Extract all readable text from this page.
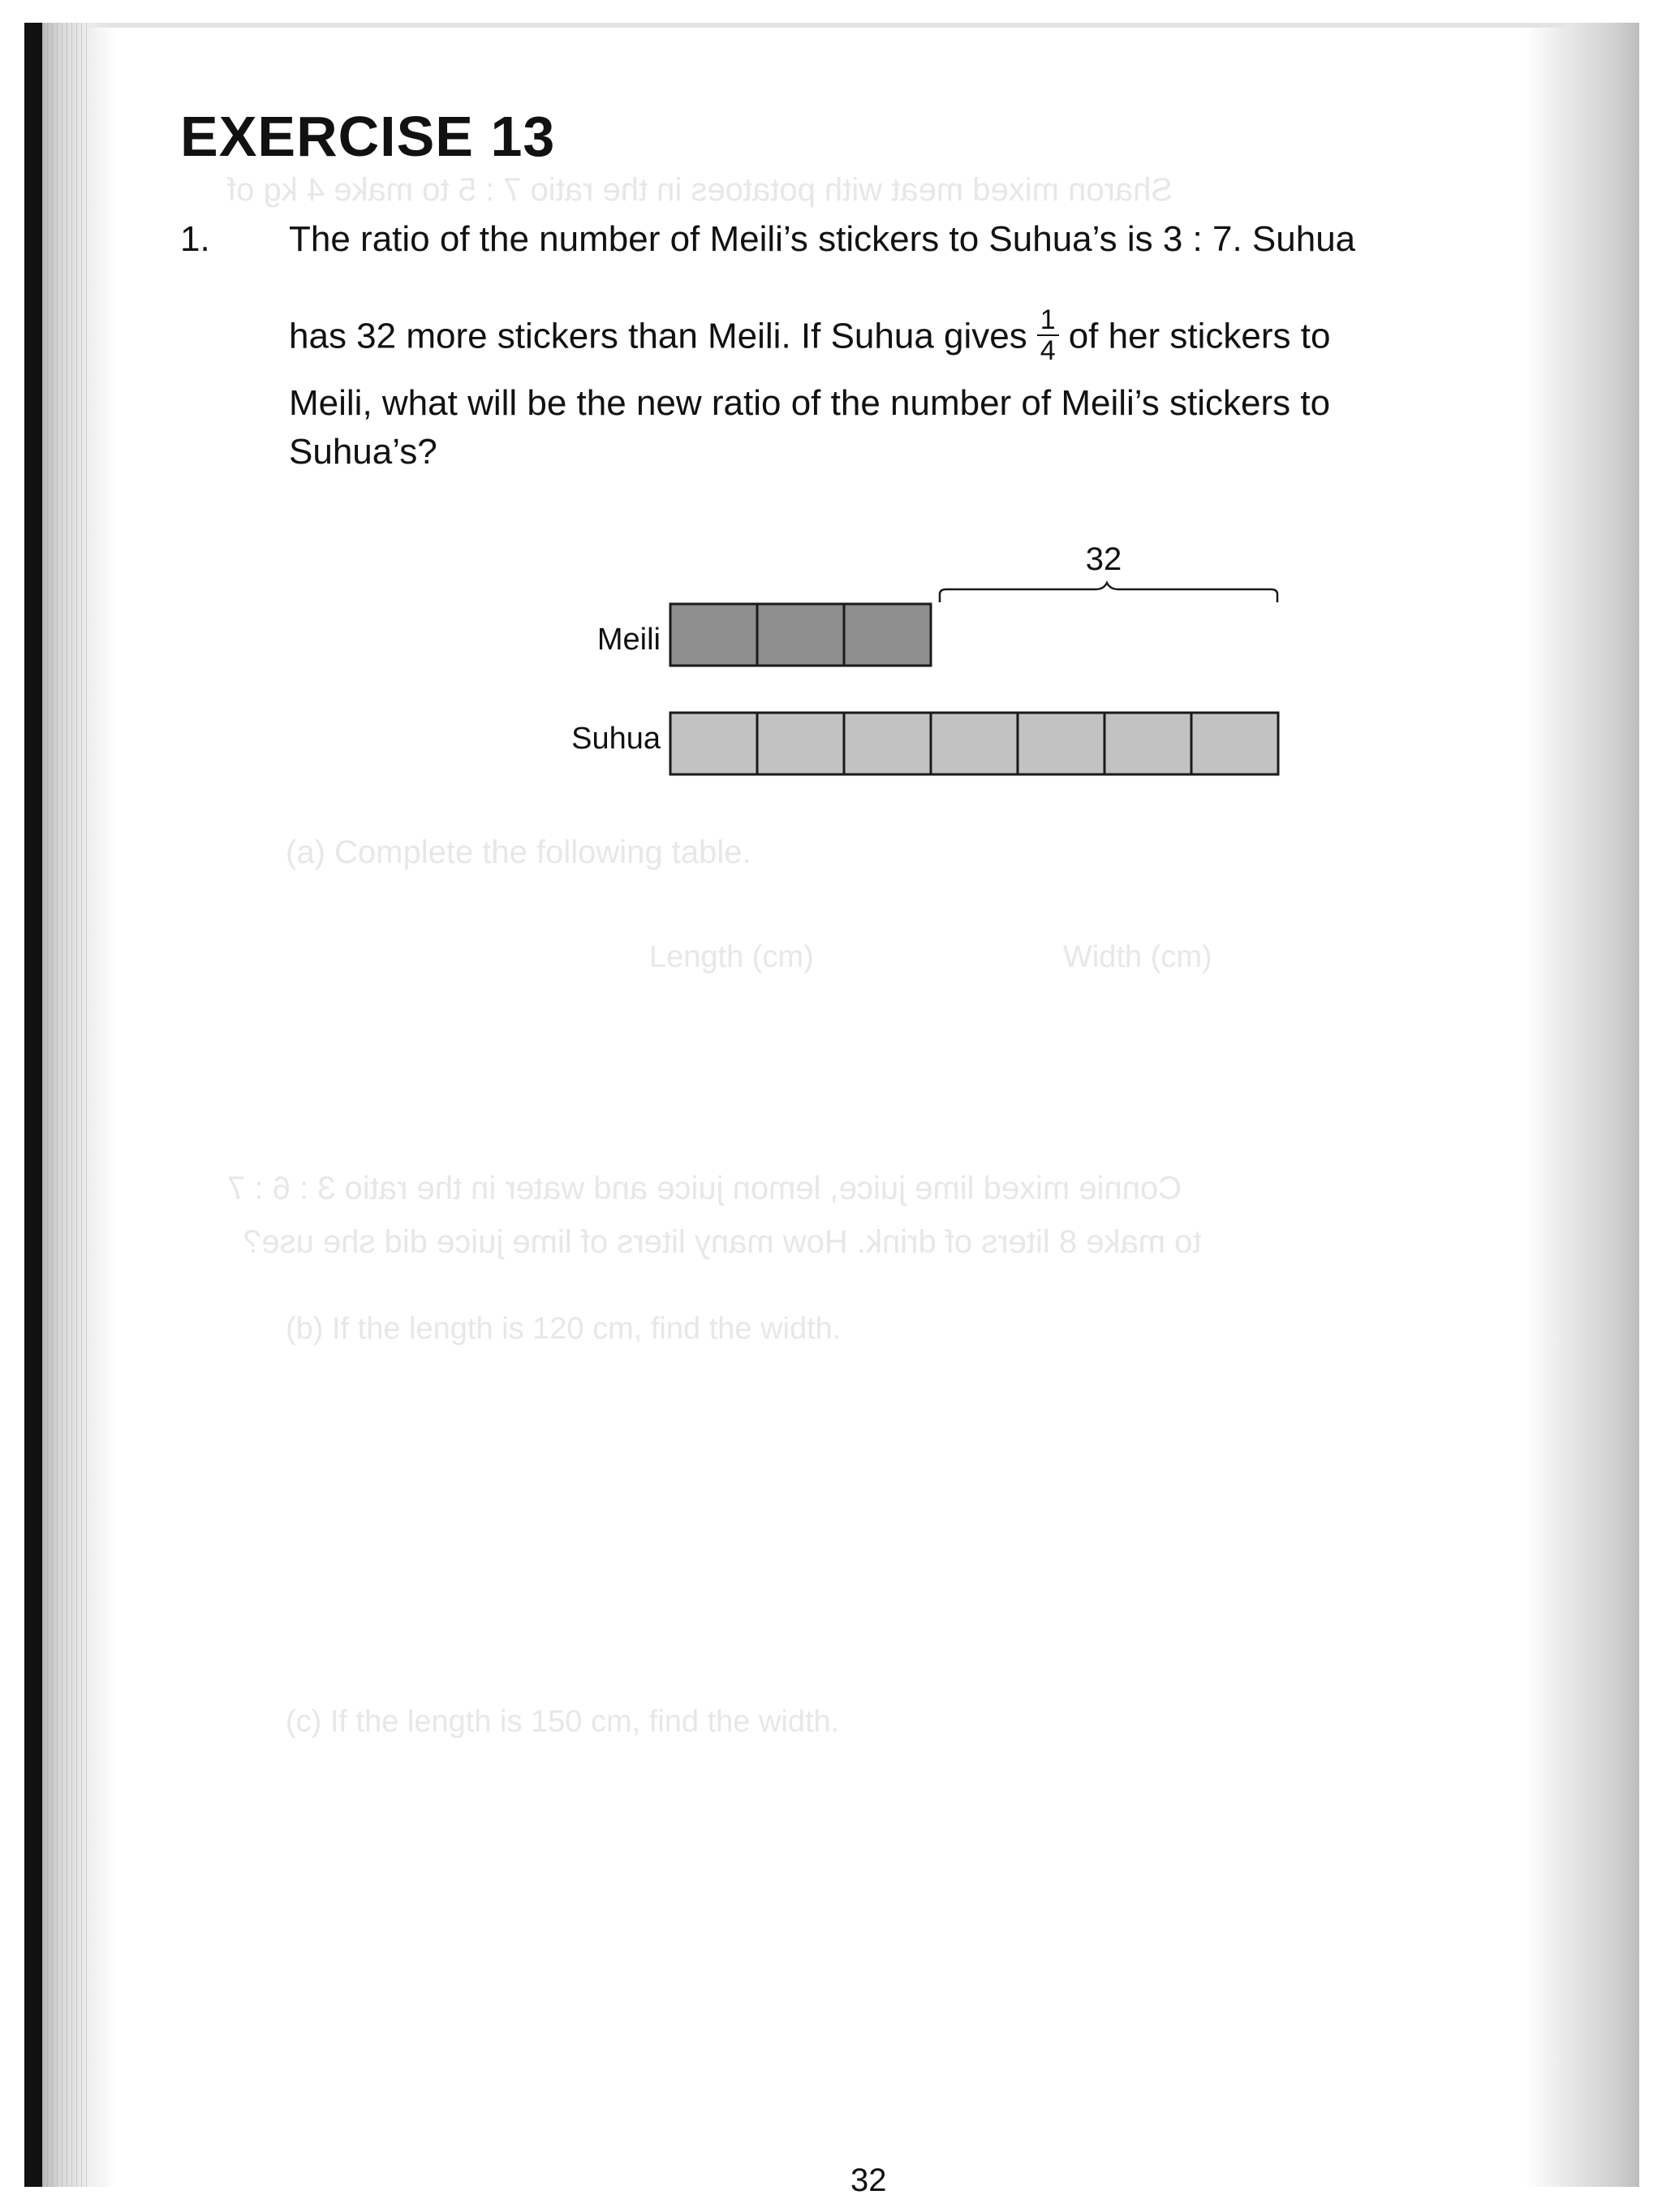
Sharon mixed meat with potatoes in the ratio 7 : 5 to make 4 kg of
(a) Complete the following table.
Length (cm)	Width (cm)
Connie mixed lime juice, lemon juice and water in the ratio 3 : 6 : 7
to make 8 liters of drink. How many liters of lime juice did she use?
(b) If the length is 120 cm, find the width.
(c) If the length is 150 cm, find the width.
EXERCISE 13
1. The ratio of the number of Meili’s stickers to Suhua’s is 3 : 7. Suhua
has 32 more stickers than Meili. If Suhua gives $\frac{1}{4}$ of her stickers to
Meili, what will be the new ratio of the number of Meili’s stickers to
Suhua’s?
32
Meili
Suhua
32
